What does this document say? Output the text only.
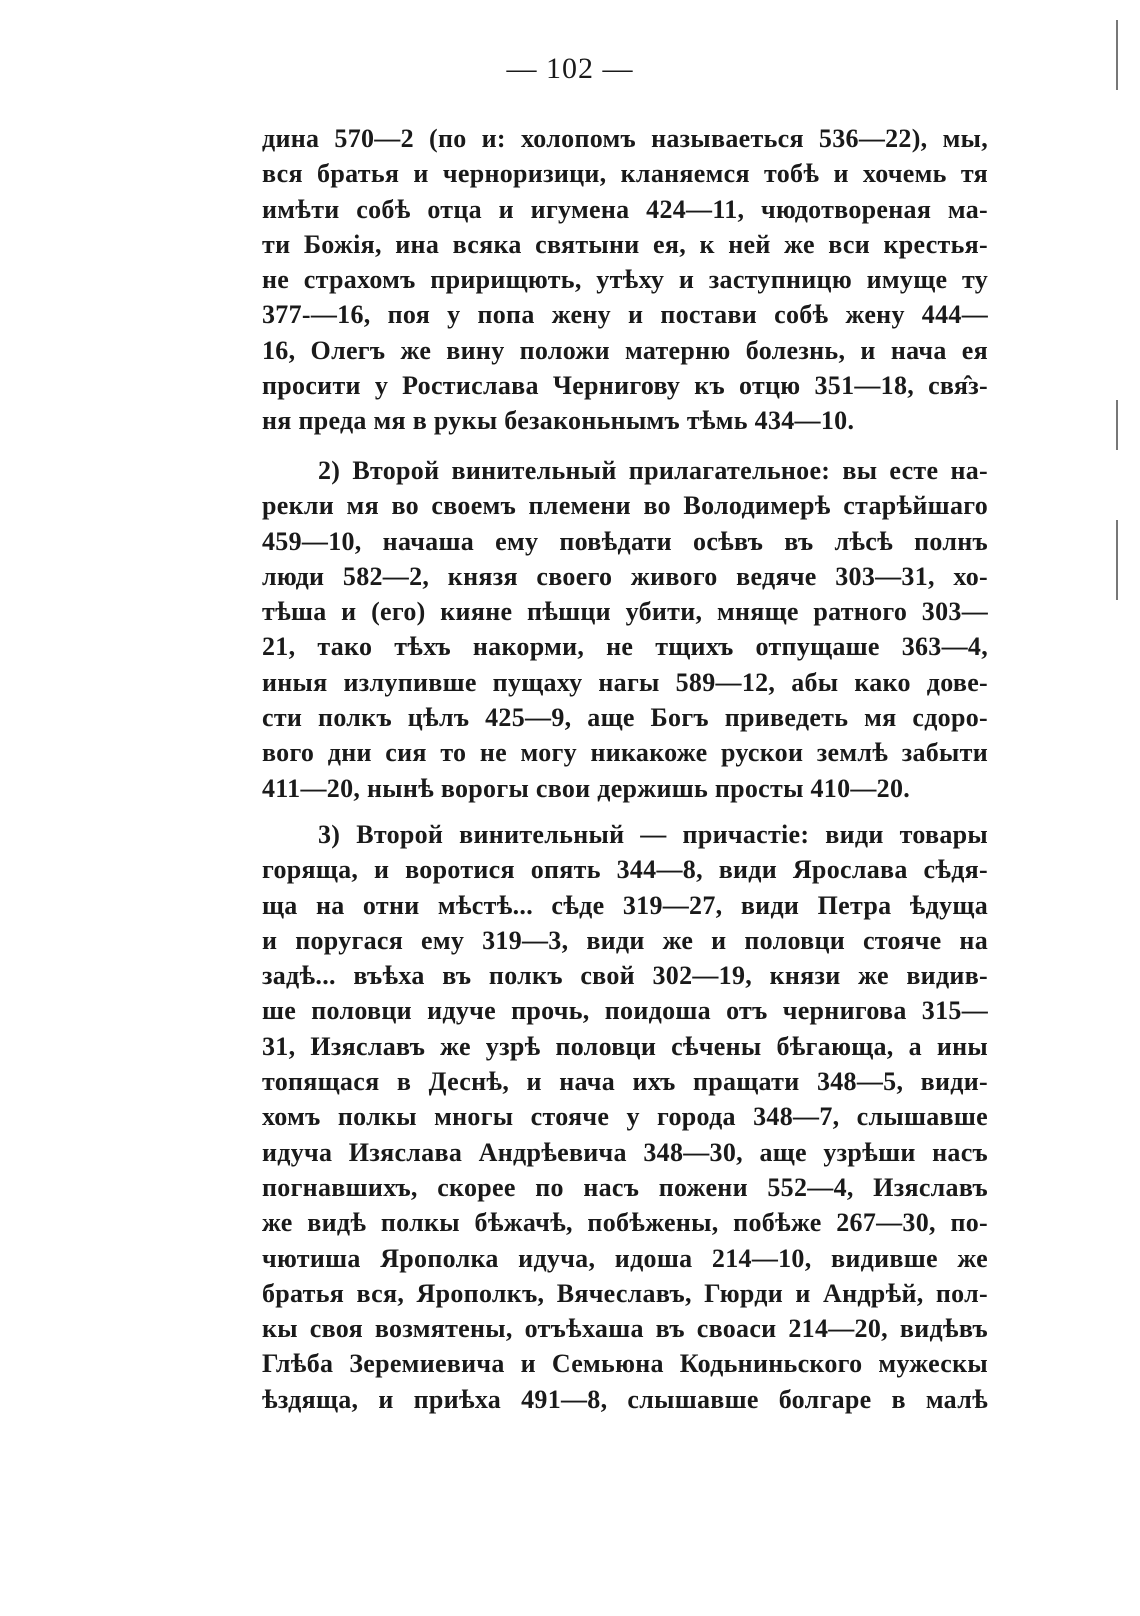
— 102 —
дина 570—2 (по и: холопомъ называеться 536—22), мы,
вся братья и черноризици, кланяемся тобѣ и хочемь тя
имѣти собѣ отца и игумена 424—11, чюдотвореная ма-
ти Божія, ина всяка святыни ея, к ней же вси крестья-
не страхомъ пририщють, утѣху и заступницю имуще ту
377-—16, поя у попа жену и постави собѣ жену 444—
16, Олегъ же вину положи матерню болезнь, и нача ея
просити у Ростислава Чернигову къ отцю 351—18, свя̂з-
ня преда мя в рукы безаконьнымъ тѣмь 434—10.
2) Второй винительный прилагательное: вы есте на-
рекли мя во своемъ племени во Володимерѣ старѣйшаго
459—10, начаша ему повѣдати осѣвъ въ лѣсѣ полнъ
люди 582—2, князя своего живого ведяче 303—31, хо-
тѣша и (его) кияне пѣшци убити, мняще ратного 303—
21, тако тѣхъ накорми, не тщихъ отпущаше 363—4,
иныя излупивше пущаху нагы 589—12, абы како дове-
сти полкъ цѣлъ 425—9, аще Богъ приведеть мя сдоро-
вого дни сия то не могу никакоже рускои землѣ забыти
411—20, нынѣ ворогы свои держишь просты 410—20.
3) Второй винительный — причастіе: види товары
горяща, и воротися опять 344—8, види Ярослава сѣдя-
ща на отни мѣстѣ... сѣде 319—27, види Петра ѣдуща
и поругася ему 319—3, види же и половци стояче на
задѣ... въѣха въ полкъ свой 302—19, князи же видив-
ше половци идуче прочь, поидоша отъ чернигова 315—
31, Изяславъ же узрѣ половци сѣчены бѣгающа, а ины
топящася в Деснѣ, и нача ихъ пращати 348—5, види-
хомъ полкы многы стояче у города 348—7, слышавше
идуча Изяслава Андрѣевича 348—30, аще узрѣши насъ
погнавшихъ, скорее по насъ пожени 552—4, Изяславъ
же видѣ полкы бѣжачѣ, побѣжены, побѣже 267—30, по-
чютиша Ярополка идуча, идоша 214—10, видивше же
братья вся, Ярополкъ, Вячеславъ, Гюрди и Андрѣй, пол-
кы своя возмятены, отъѣхаша въ своаси 214—20, видѣвъ
Глѣба Зеремиевича и Семьюна Кодьниньского мужескы
ѣздяща, и приѣха 491—8, слышавше болгаре в малѣ
